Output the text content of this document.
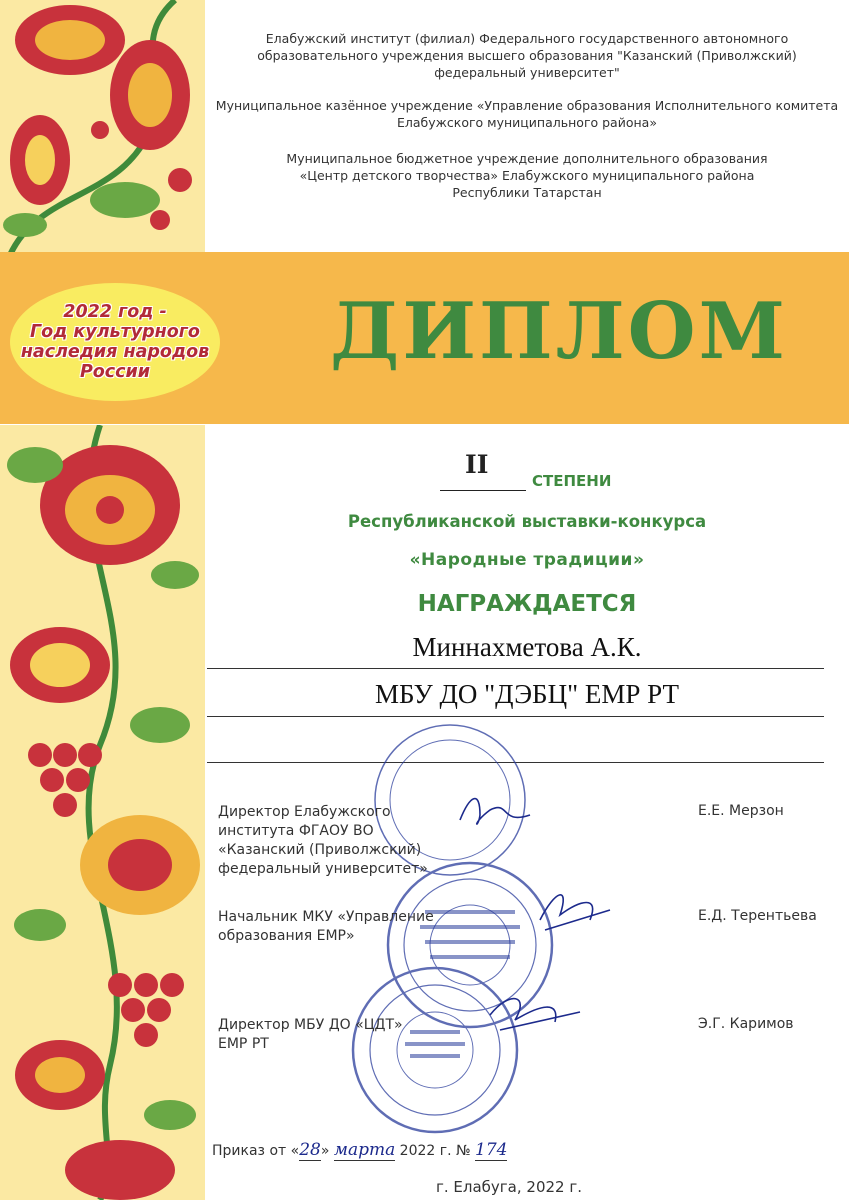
Елабужский институт (филиал) Федерального государственного автономного
образовательного учреждения высшего образования "Казанский (Приволжский)
федеральный университет"

Муниципальное казённое учреждение «Управление образования Исполнительного комитета
Елабужского муниципального района»

Муниципальное бюджетное учреждение дополнительного образования
«Центр детского творчества» Елабужского муниципального района
Республики Татарстан

2022 год -
Год культурного
наследия народов
России ДИПЛОМ
II
СТЕПЕНИ
Республиканской выставки-конкурса
«Народные традиции»
НАГРАЖДАЕТСЯ
Миннахметова А.К.
МБУ ДО "ДЭБЦ" ЕМР РТ
Директор Елабужского
института ФГАОУ ВО
«Казанский (Приволжский)
федеральный университет»
Е.Е. Мерзон
Начальник МКУ «Управление
образования ЕМР»
Е.Д. Терентьева
Директор МБУ ДО «ЦДТ»
ЕМР РТ
Э.Г. Каримов
Приказ от «28» марта 2022 г. № 174
г. Елабуга, 2022 г.
